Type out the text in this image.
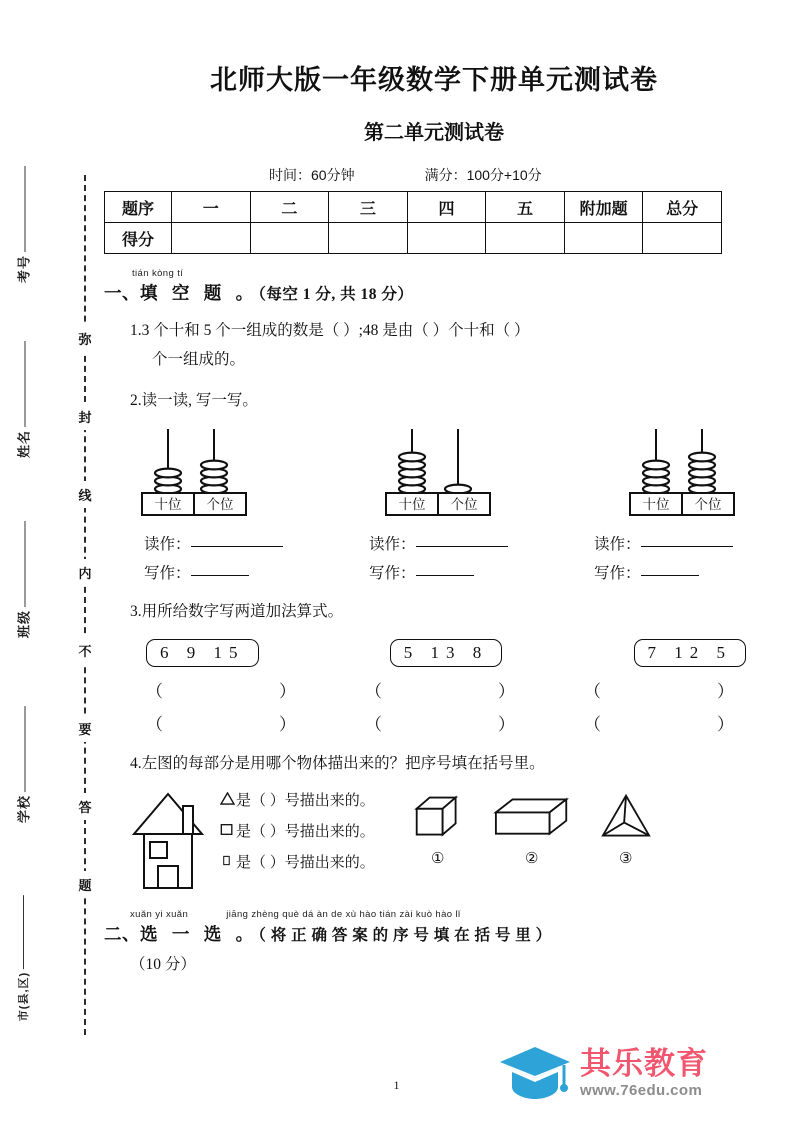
考号
姓名
班级
学校
市(县,区)
弥
封
线
内
不
要
答
题
北师大版一年级数学下册单元测试卷
第二单元测试卷
时间：60分钟	满分：100分+10分
题序	一	二	三	四	五	附加题	总分
得分							
tián kòng tí
一、填 空 题 。（每空 1 分, 共 18 分）
1.3 个十和 5 个一组成的数是（ ）;48 是由（ ）个十和（ ）
个一组成的。
2.读一读, 写一写。
十位 个位	十位 个位	十位 个位
读作：
写作：
读作：
写作：
读作：
写作：
3.用所给数字写两道加法算式。
6 9 15	5 13 8	7 12 5
（	）	（	）	（	）
（	）	（	）	（	）
4.左图的每部分是用哪个物体描出来的？把序号填在括号里。
是（ ）号描出来的。
是（ ）号描出来的。
是（ ）号描出来的。	①	②	③
xuǎn yi xuǎn	jiāng zhèng què dá àn de xù hào tián zài kuò hào lǐ
二、选 一 选 。（ 将 正 确 答 案 的 序 号 填 在 括 号 里 ）
（10 分）
1
其乐教育
www.76edu.com
